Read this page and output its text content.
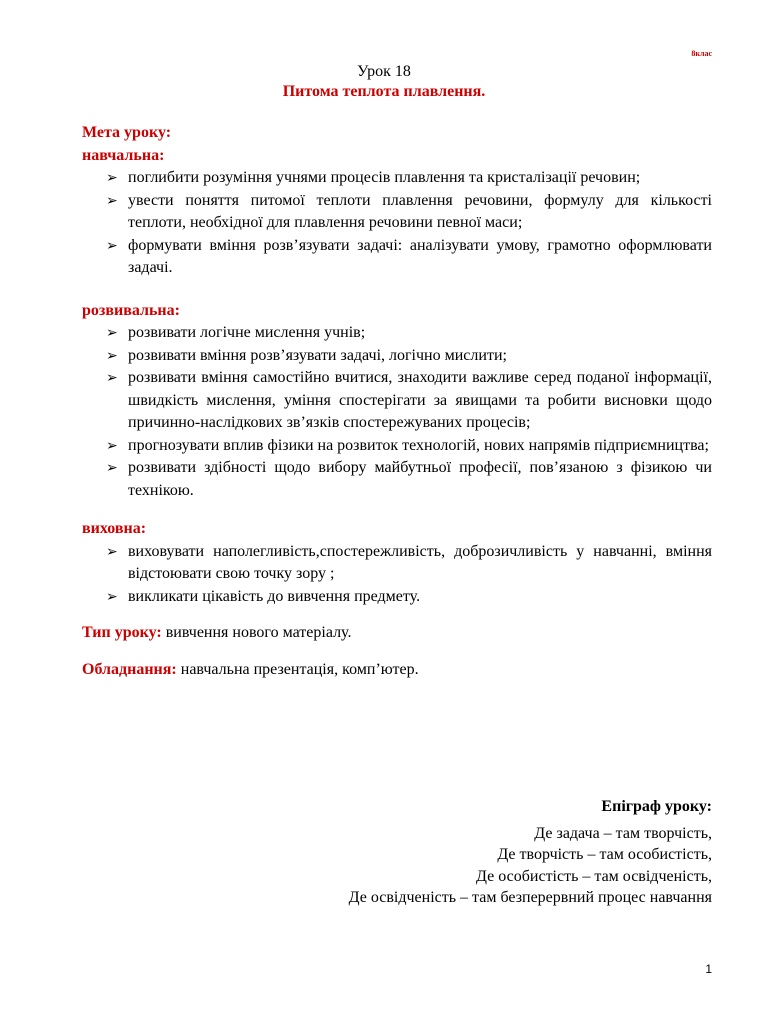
8клас
Урок 18
Питома теплота плавлення.
Мета уроку:
навчальна:
➢ поглибити розуміння учнями процесів плавлення та кристалізації речовин;
➢ увести поняття питомої теплоти плавлення речовини, формулу для кількості теплоти, необхідної для плавлення речовини певної маси;
➢ формувати вміння розв’язувати задачі: аналізувати умову, грамотно оформлювати задачі.
розвивальна:
➢ розвивати логічне мислення учнів;
➢ розвивати вміння розв’язувати задачі, логічно мислити;
➢ розвивати вміння самостійно вчитися, знаходити важливе серед поданої інформації, швидкість мислення, уміння спостерігати за явищами та робити висновки щодо причинно-наслідкових зв’язків спостережуваних процесів;
➢ прогнозувати вплив фізики на розвиток технологій, нових напрямів підприємництва;
➢ розвивати здібності щодо вибору майбутньої професії, пов’язаною з фізикою чи технікою.
виховна:
➢ виховувати наполегливість,спостережливість, доброзичливість у навчанні, вміння відстоювати свою точку зору ;
➢ викликати цікавість до вивчення предмету.
Тип уроку: вивчення нового матеріалу.
Обладнання: навчальна презентація, комп’ютер.
Епіграф уроку:
Де задача – там творчість,
Де творчість – там особистість,
Де особистість – там освідченість,
Де освідченість – там безперервний процес навчання
1
